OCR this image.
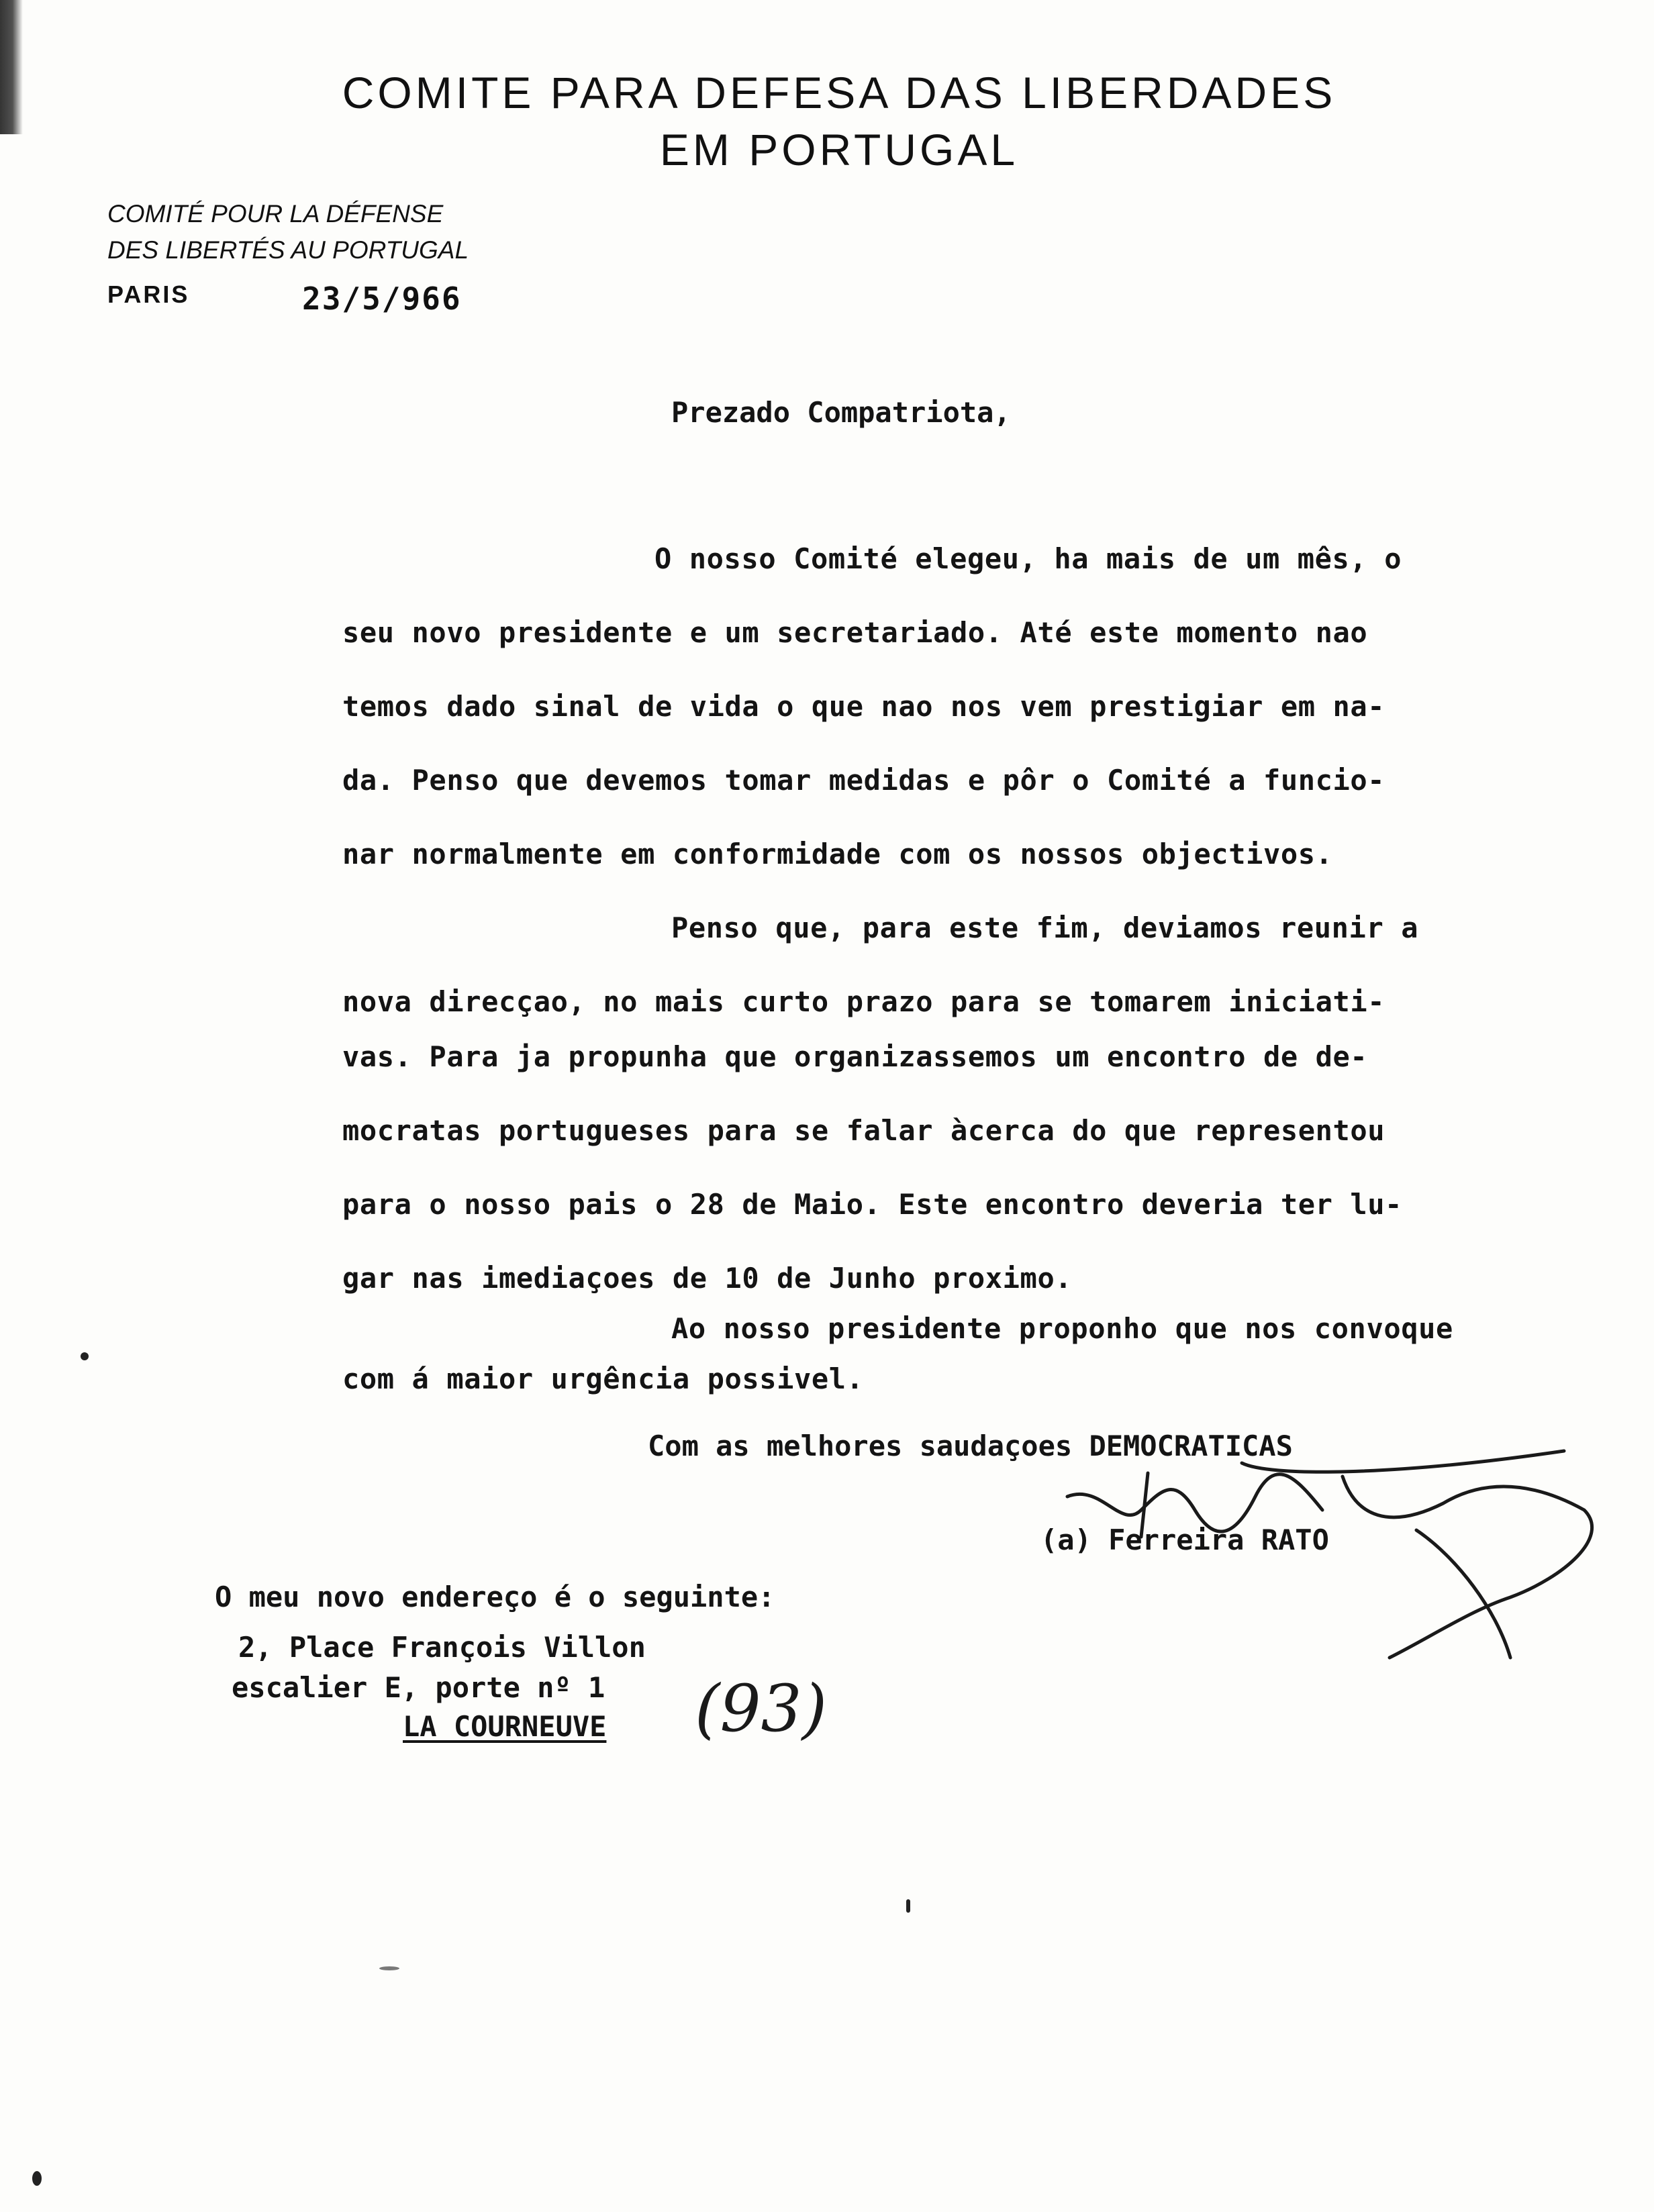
COMITE PARA DEFESA DAS LIBERDADES
EM PORTUGAL
COMITÉ POUR LA DÉFENSE
DES LIBERTÉS AU PORTUGAL
PARIS	23/5/966
Prezado Compatriota,
O nosso Comité elegeu, ha mais de um mês, o
seu novo presidente e um secretariado. Até este momento nao
temos dado sinal de vida o que nao nos vem prestigiar em na-
da. Penso que devemos tomar medidas e pôr o Comité a funcio-
nar normalmente em conformidade com os nossos objectivos.
Penso que, para este fim, deviamos reunir a
nova direcçao, no mais curto prazo para se tomarem iniciati-
vas. Para ja propunha que organizassemos um encontro de de-
mocratas portugueses para se falar àcerca do que representou
para o nosso pais o 28 de Maio. Este encontro deveria ter lu-
gar nas imediaçoes de 10 de Junho proximo.
Ao nosso presidente proponho que nos convoque
com á maior urgência possivel.
Com as melhores saudaçoes DEMOCRATICAS
(a) Ferreira RATO
O meu novo endereço é o seguinte:
2, Place François Villon
escalier E, porte nº 1
LA COURNEUVE (93)
